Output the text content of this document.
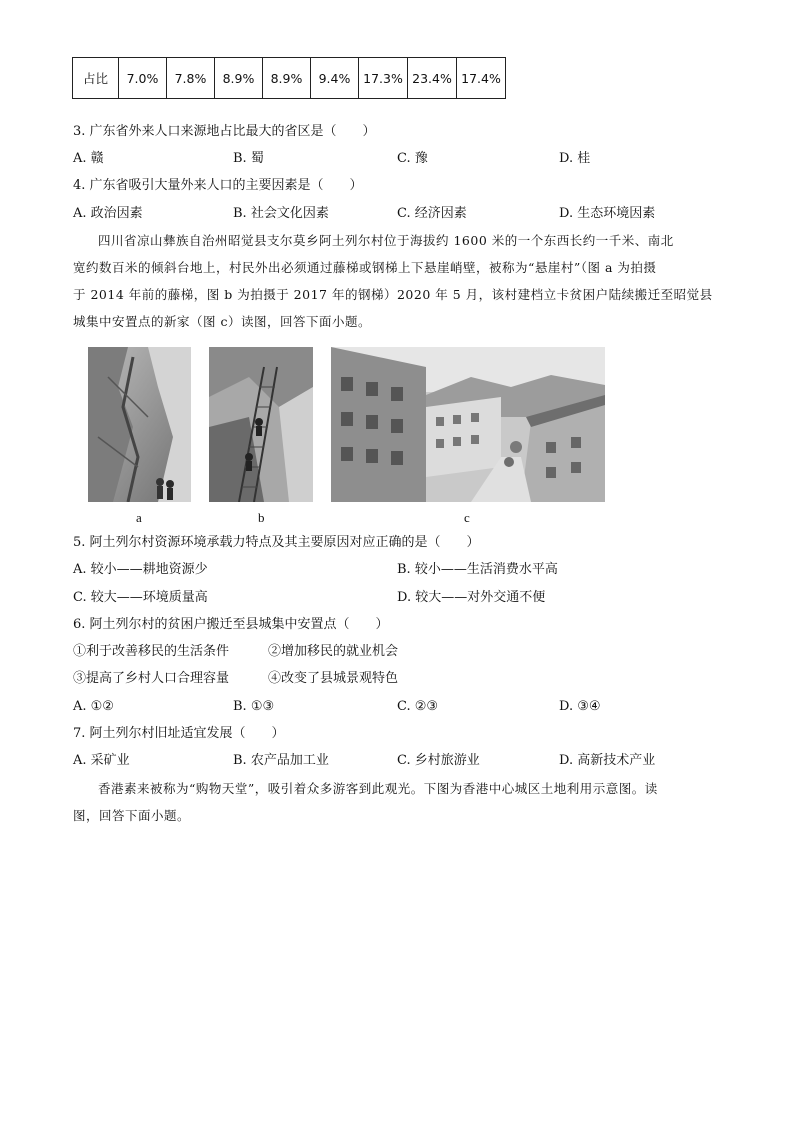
占比	7.0%	7.8%	8.9%	8.9%	9.4%	17.3%	23.4%	17.4%
3. 广东省外来人口来源地占比最大的省区是（　　）
A. 赣	B. 蜀	C. 豫	D. 桂
4. 广东省吸引大量外来人口的主要因素是（　　）
A. 政治因素	B. 社会文化因素	C. 经济因素	D. 生态环境因素
四川省凉山彝族自治州昭觉县支尔莫乡阿土列尔村位于海拔约 1600 米的一个东西长约一千米、南北
宽约数百米的倾斜台地上，村民外出必须通过藤梯或钢梯上下悬崖峭壁，被称为“悬崖村”（图 a 为拍摄
于 2014 年前的藤梯，图 b 为拍摄于 2017 年的钢梯）2020 年 5 月，该村建档立卡贫困户陆续搬迁至昭觉县
城集中安置点的新家（图 c）读图，回答下面小题。
a	b	c
5. 阿土列尔村资源环境承载力特点及其主要原因对应正确的是（　　）
A. 较小——耕地资源少	B. 较小——生活消费水平高
C. 较大——环境质量高	D. 较大——对外交通不便
6. 阿土列尔村的贫困户搬迁至县城集中安置点（　　）
①利于改善移民的生活条件	②增加移民的就业机会
③提高了乡村人口合理容量	④改变了县城景观特色
A. ①②	B. ①③	C. ②③	D. ③④
7. 阿土列尔村旧址适宜发展（　　）
A. 采矿业	B. 农产品加工业	C. 乡村旅游业	D. 高新技术产业
香港素来被称为“购物天堂”，吸引着众多游客到此观光。下图为香港中心城区土地利用示意图。读
图，回答下面小题。
